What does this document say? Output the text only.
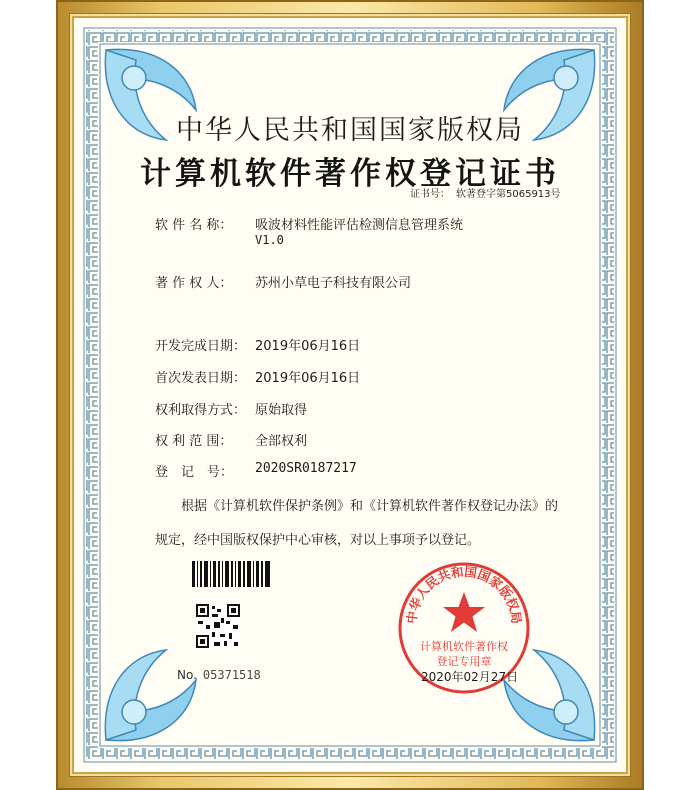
中华人民共和国国家版权局
计算机软件著作权登记证书
证书号： 软著登字第5065913号
软 件 名 称： 吸波材料性能评估检测信息管理系统
V1.0
著 作 权 人： 苏州小草电子科技有限公司
开发完成日期： 2019年06月16日
首次发表日期： 2019年06月16日
权利取得方式： 原始取得
权 利 范 围： 全部权利
登　记　号： 2020SR0187217
根据《计算机软件保护条例》和《计算机软件著作权登记办法》的
规定，经中国版权保护中心审核，对以上事项予以登记。
No. 05371518
中华人民共和国国家版权局
计算机软件著作权
登记专用章
2020年02月27日
